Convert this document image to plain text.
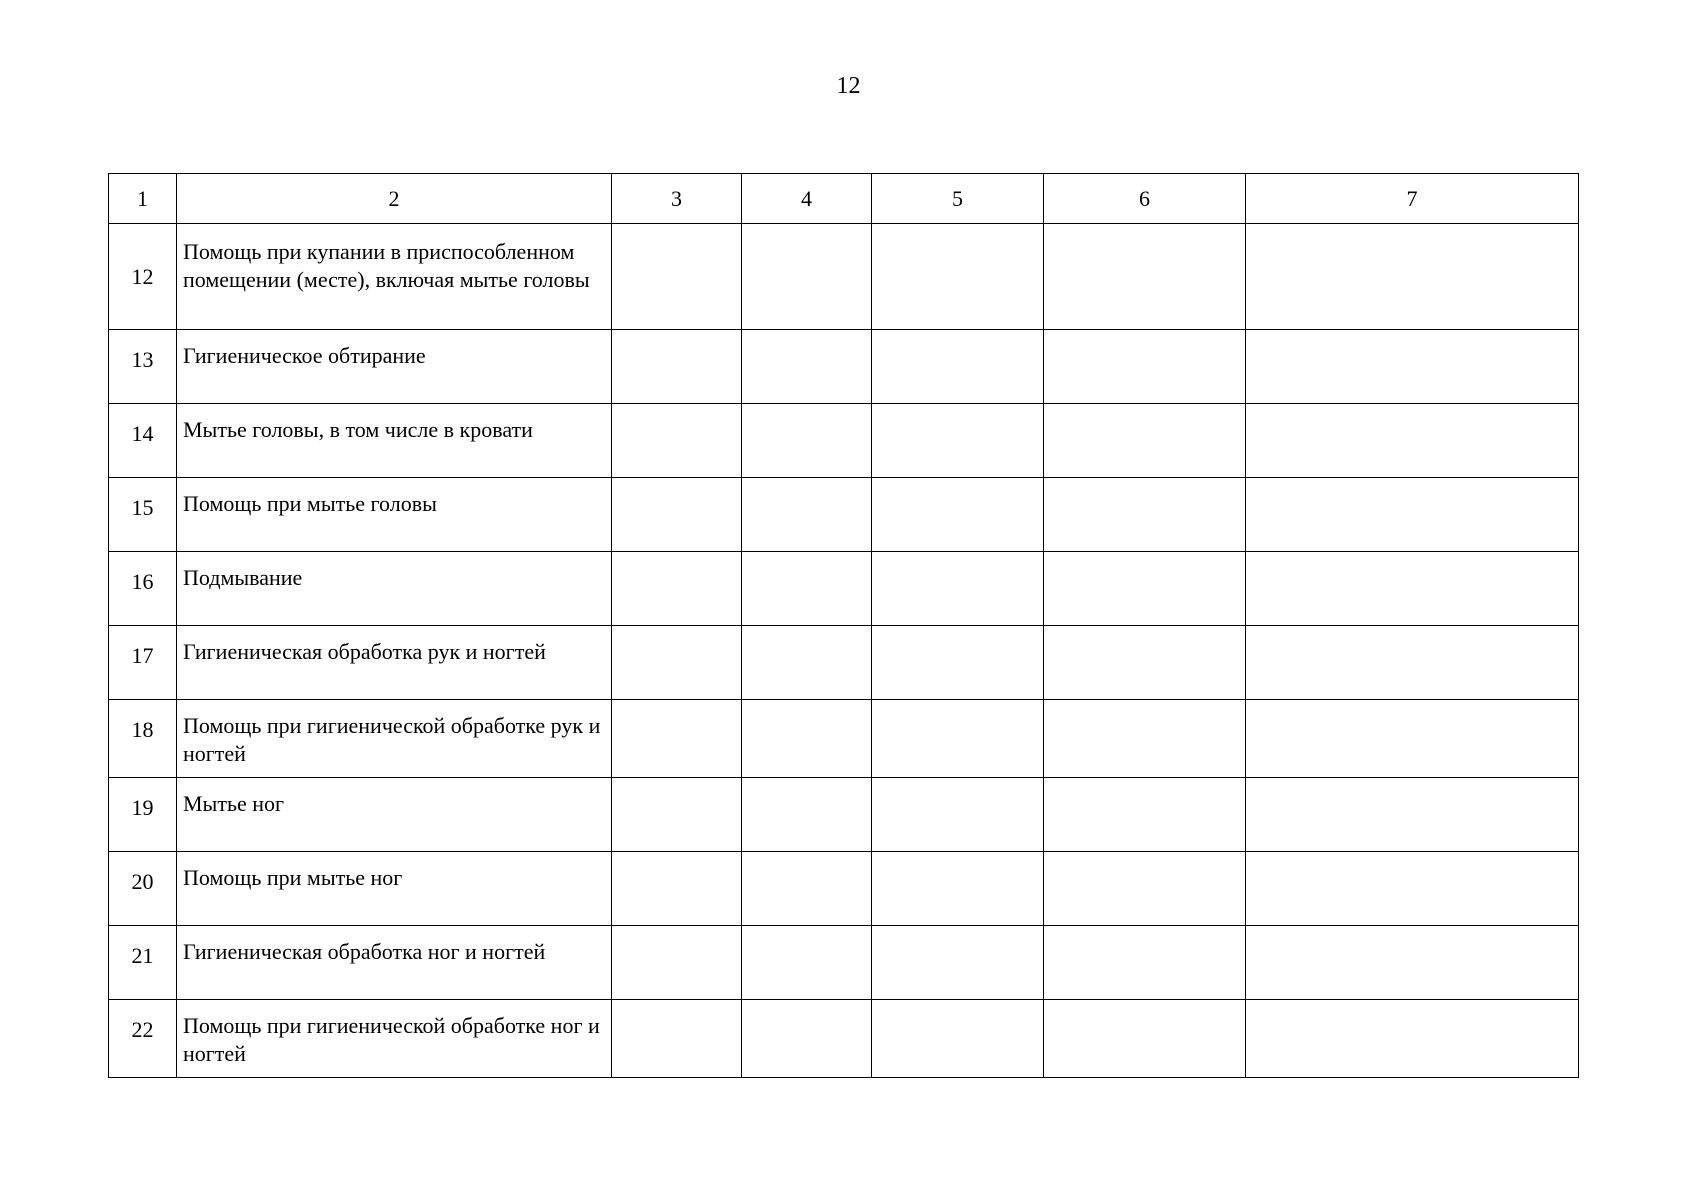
12
1	2	3	4	5	6	7

12	Помощь при купании в приспособленном помещении (месте), включая мытье головы					

13	Гигиеническое обтирание					

14	Мытье головы, в том числе в кровати					

15	Помощь при мытье головы					

16	Подмывание					

17	Гигиеническая обработка рук и ногтей					

18	Помощь при гигиенической обработке рук и ногтей					

19	Мытье ног					

20	Помощь при мытье ног					

21	Гигиеническая обработка ног и ногтей					

22	Помощь при гигиенической обработке ног и ногтей					
